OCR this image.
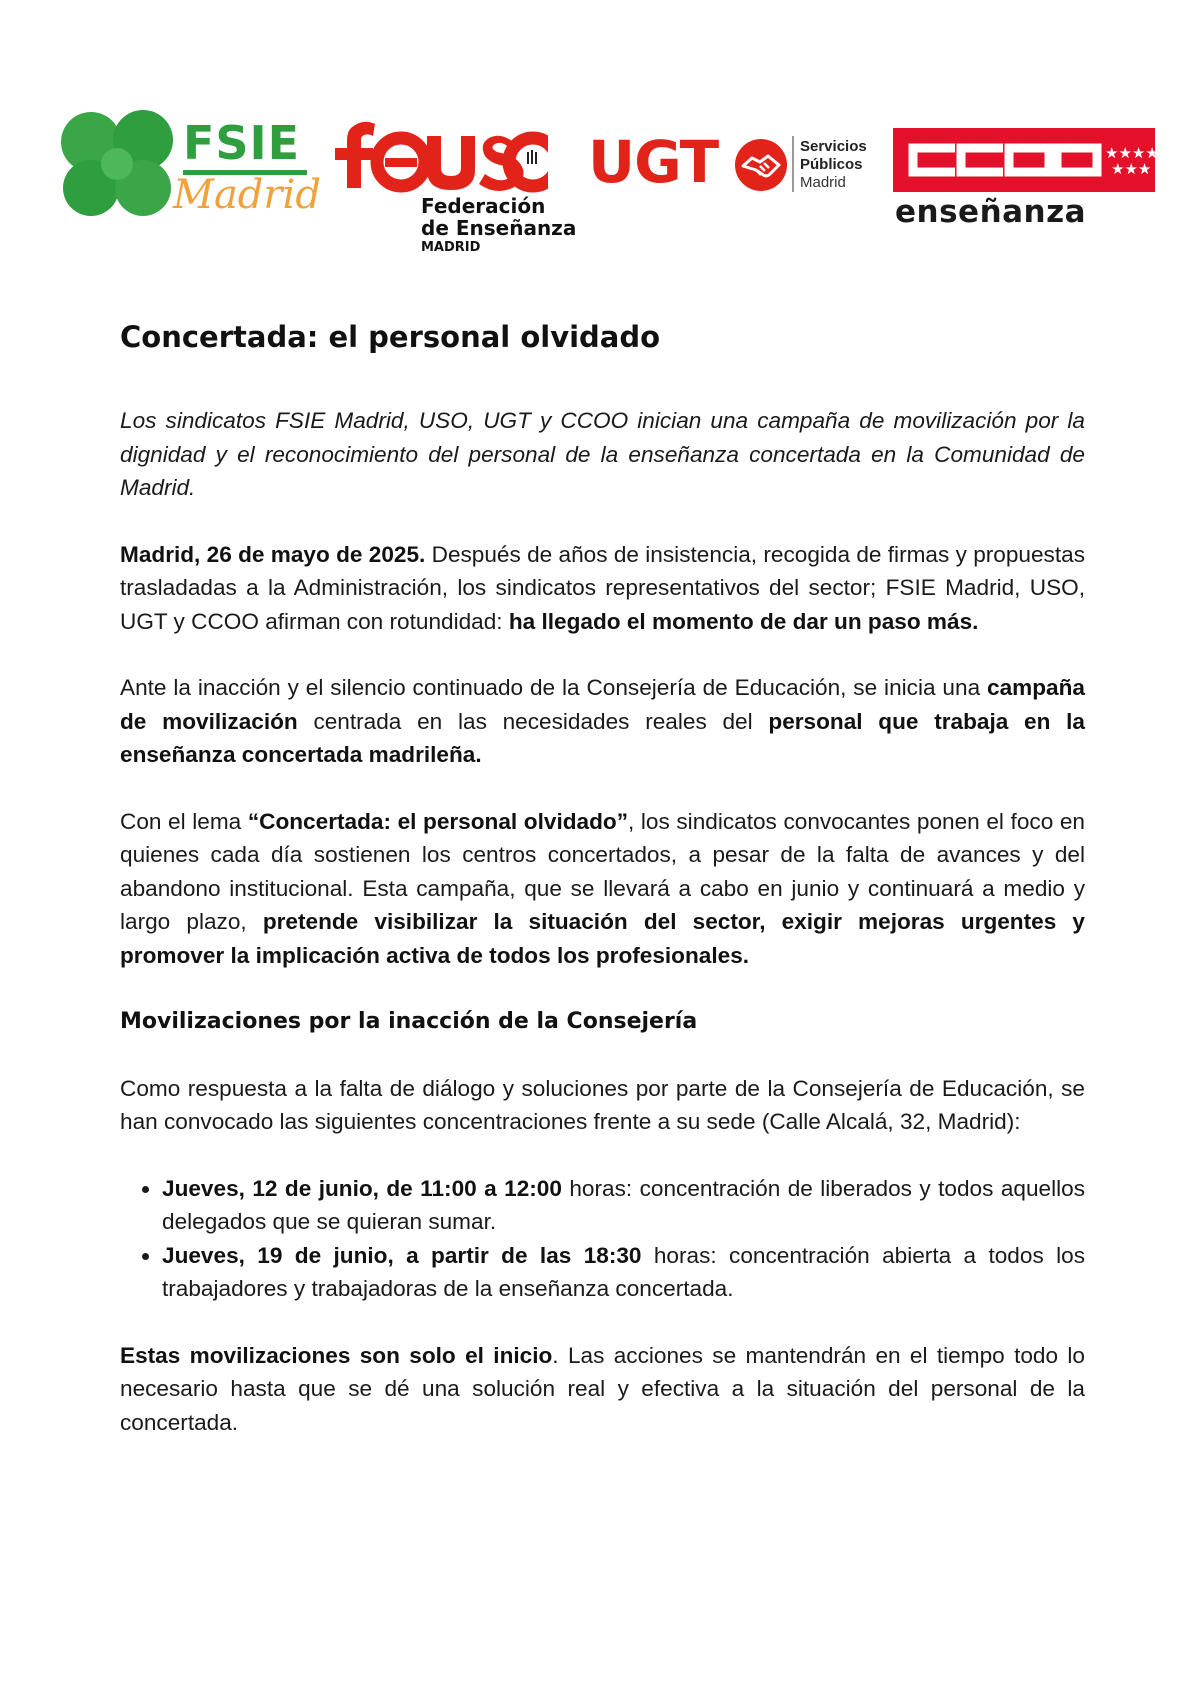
FSIE
Madrid	Federación
de Enseñanza
MADRID
UGT	Servicios
Públicos
Madrid
★★★★
★★★
enseñanza
Concertada: el personal olvidado

Los sindicatos FSIE Madrid, USO, UGT y CCOO inician una campaña de movilización por la dignidad y el reconocimiento del personal de la enseñanza concertada en la Comunidad de Madrid.

Madrid, 26 de mayo de 2025. Después de años de insistencia, recogida de firmas y propuestas trasladadas a la Administración, los sindicatos representativos del sector; FSIE Madrid, USO, UGT y CCOO afirman con rotundidad: ha llegado el momento de dar un paso más.

Ante la inacción y el silencio continuado de la Consejería de Educación, se inicia una campaña de movilización centrada en las necesidades reales del personal que trabaja en la enseñanza concertada madrileña.

Con el lema “Concertada: el personal olvidado”, los sindicatos convocantes ponen el foco en quienes cada día sostienen los centros concertados, a pesar de la falta de avances y del abandono institucional. Esta campaña, que se llevará a cabo en junio y continuará a medio y largo plazo, pretende visibilizar la situación del sector, exigir mejoras urgentes y promover la implicación activa de todos los profesionales.

Movilizaciones por la inacción de la Consejería

Como respuesta a la falta de diálogo y soluciones por parte de la Consejería de Educación, se han convocado las siguientes concentraciones frente a su sede (Calle Alcalá, 32, Madrid):

• Jueves, 12 de junio, de 11:00 a 12:00 horas: concentración de liberados y todos aquellos delegados que se quieran sumar.
• Jueves, 19 de junio, a partir de las 18:30 horas: concentración abierta a todos los trabajadores y trabajadoras de la enseñanza concertada.

Estas movilizaciones son solo el inicio. Las acciones se mantendrán en el tiempo todo lo necesario hasta que se dé una solución real y efectiva a la situación del personal de la concertada.
